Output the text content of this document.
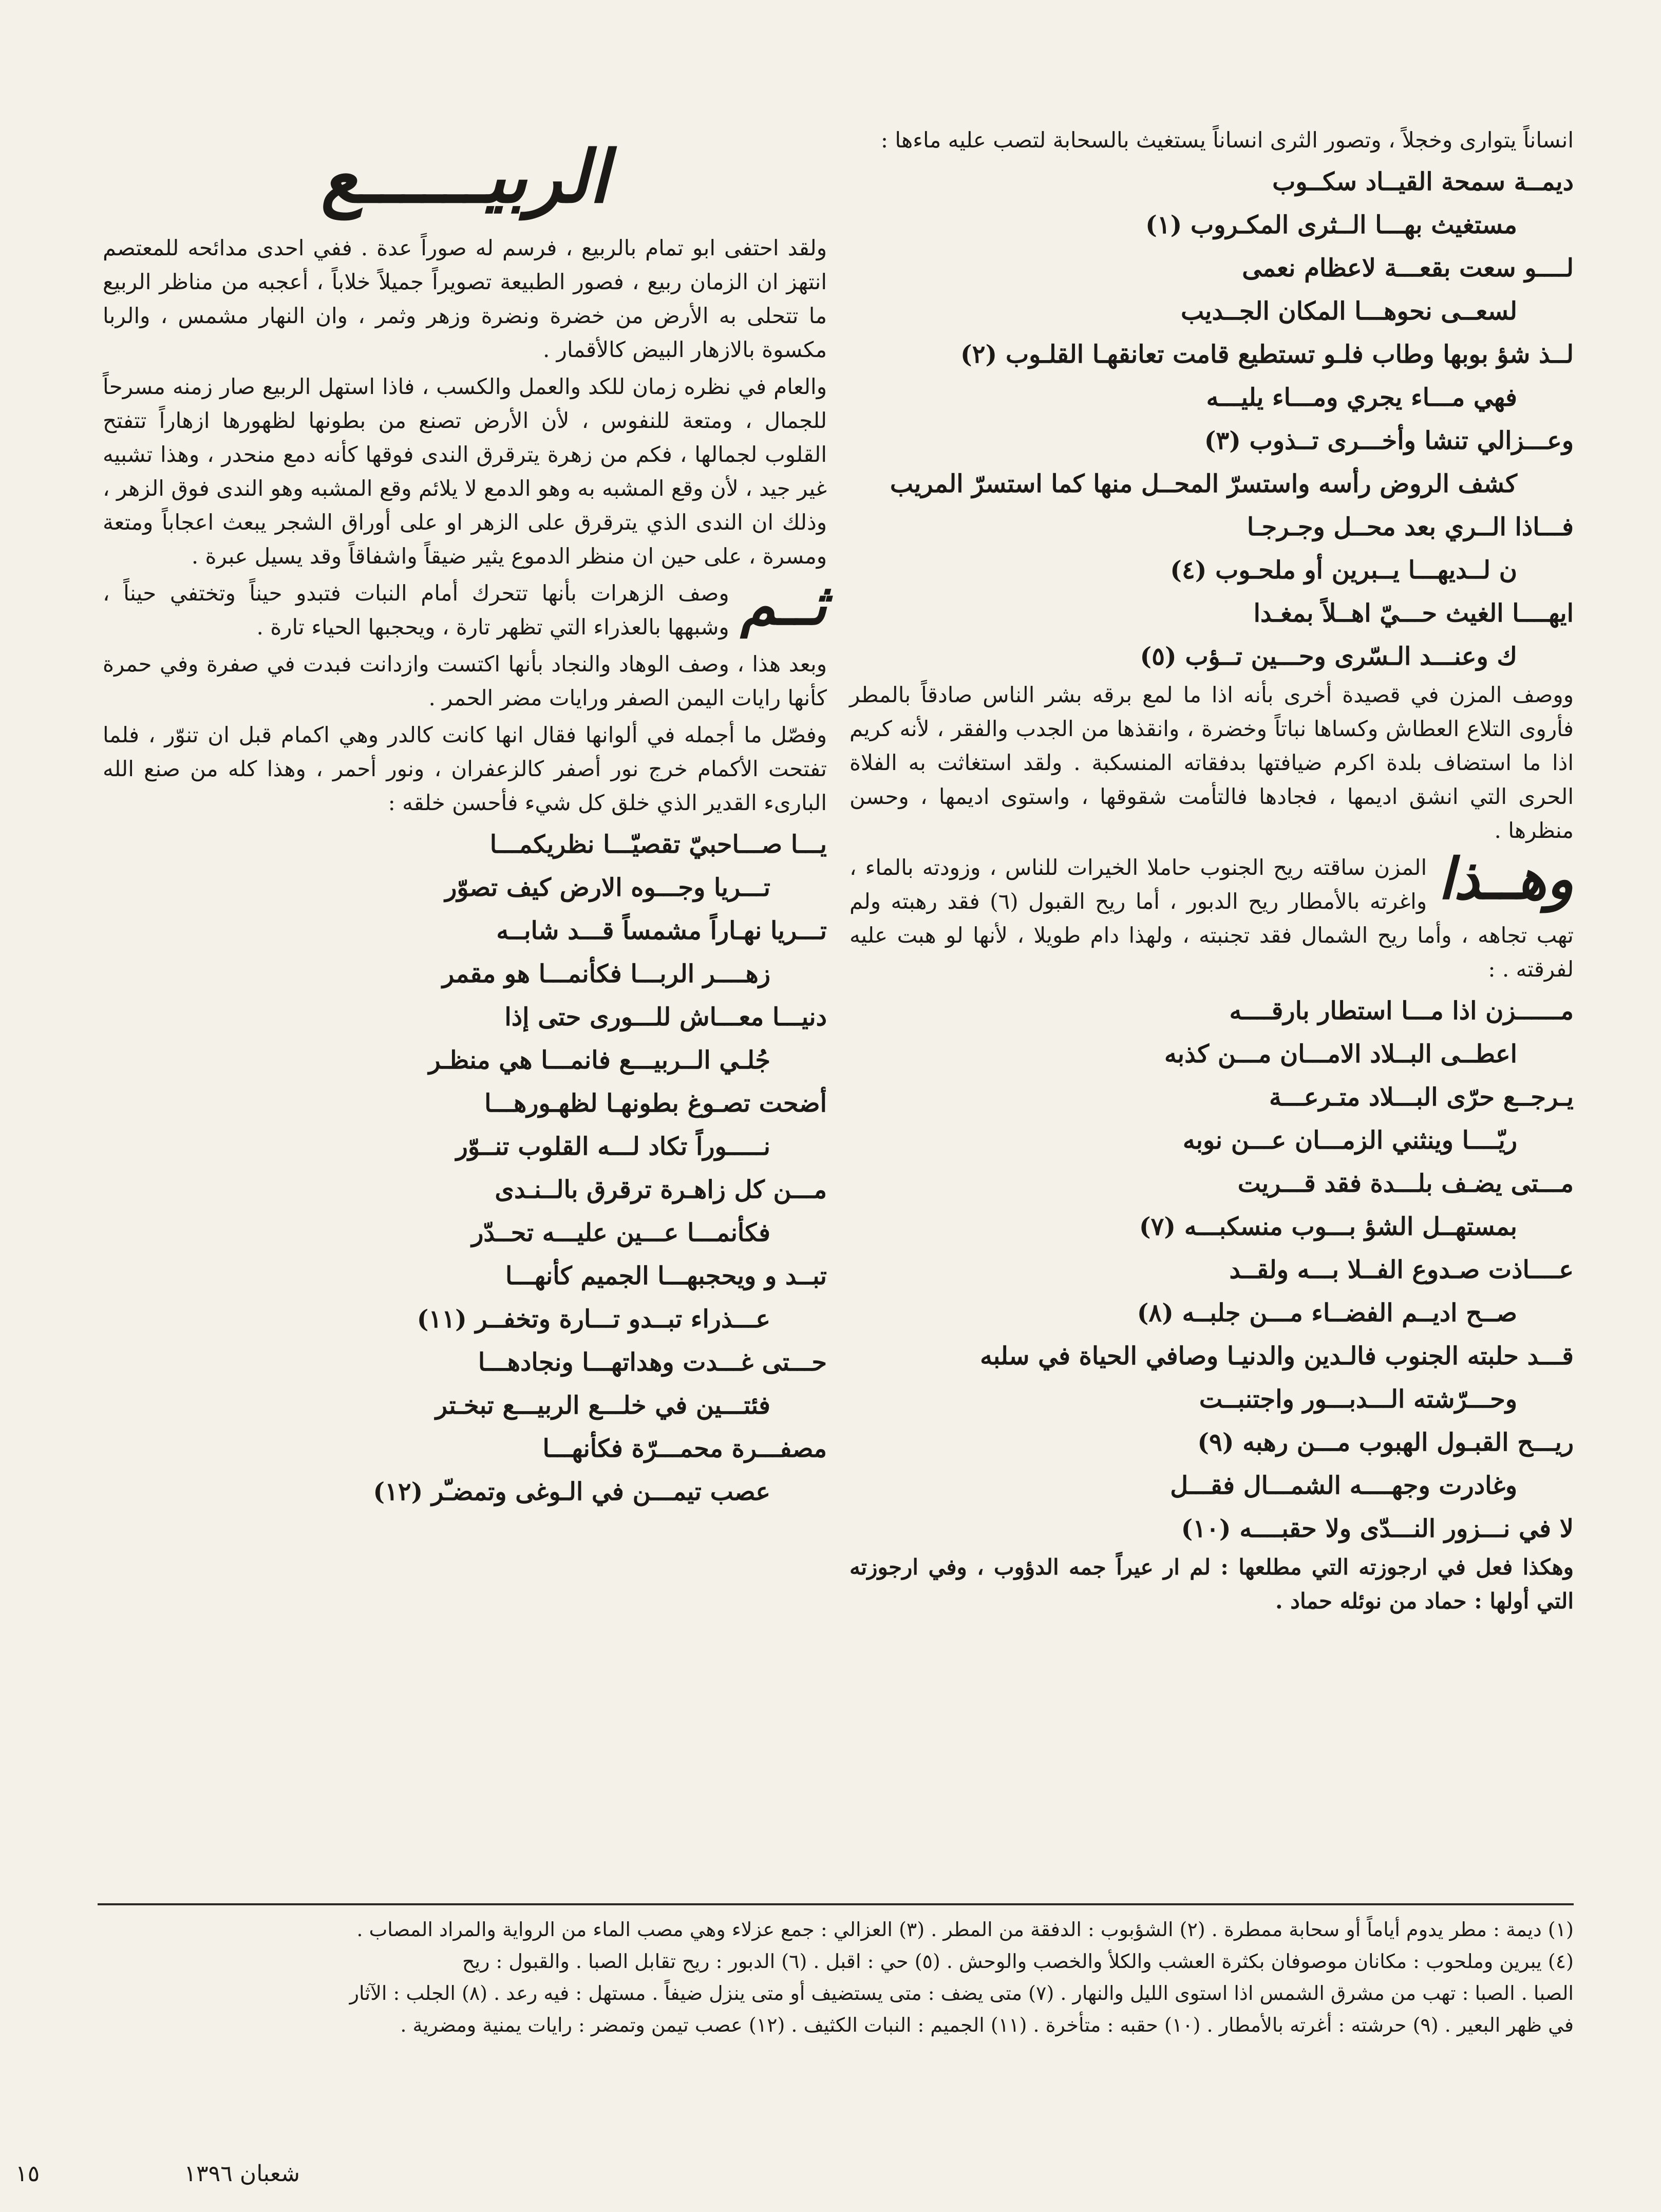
انساناً يتوارى وخجلاً ، وتصور الثرى انساناً يستغيث بالسحابة لتصب عليه ماءها :

ديمــة سمحة القيــاد سكــوب

مستغيث بهـــا الــثرى المكـروب (١)

لــــو سعت بقعـــة لاعظام نعمى

لسعــى نحوهـــا المكان الجــديب

لــذ شؤ بوبها وطاب فلـو تستطيع قامت تعانقهـا القلـوب (٢)

فهي مـــاء يجري ومـــاء يليـــه

وعـــزالي تنشا وأخـــرى تــذوب (٣)

كشف الروض رأسه واستسرّ المحــل منها كما استسرّ المريب

فـــاذا الــري بعد محــل وجـرجـا

ن لــديهـــا يــبرين أو ملحـوب (٤)

ايهــــا الغيث حـــيّ اهــلاً بمغـدا

ك وعنـــد الـسّرى وحـــين تــؤب (٥)

ووصف المزن في قصيدة أخرى بأنه اذا ما لمع برقه بشر الناس صادقاً بالمطر فأروى التلاع العطاش وكساها نباتاً وخضرة ، وانقذها من الجدب والفقر ، لأنه كريم اذا ما استضاف بلدة اكرم ضيافتها بدفقاته المنسكبة . ولقد استغاثت به الفلاة الحرى التي انشق اديمها ، فجادها فالتأمت شقوقها ، واستوى اديمها ، وحسن منظرها .

وهــذا
المزن ساقته ريح الجنوب حاملا الخيرات للناس ، وزودته بالماء ، واغرته بالأمطار ريح الدبور ، أما ريح القبول (٦) فقد رهبته ولم تهب تجاهه ، وأما ريح الشمال فقد تجنبته ، ولهذا دام طويلا ، لأنها لو هبت عليه لفرقته . :

مــــــزن اذا مـــا استطار بارقــــه

اعطــى البــلاد الامـــان مـــن كذبه

يـرجــع حرّى البـــلاد متـرعـــة

ريّــــا وينثني الزمـــان عـــن نوبه

مـــتى يضـف بلـــدة فقد قـــريت

بمستهــل الشؤ بـــوب منسكبـــه (٧)

عــــاذت صـدوع الفــلا بـــه ولقــد

صــح اديــم الفضــاء مـــن جلبــه (٨)

قـــد حلبته الجنوب فالـدين والدنيـا وصافي الحياة في سلبه

وحـــرّشته الـــدبـــور واجتنبــت

ريـــح القبـول الهبوب مـــن رهبه (٩)

وغادرت وجهــــه الشمـــال فقـــل

لا في نـــزور النـــدّى ولا حقبــــه (١٠)

وهكذا فعل في ارجوزته التي مطلعها : لم ار عيراً جمه الدؤوب ، وفي ارجوزته التي أولها : حماد من نوئله حماد .

الربيــــــع

ولقد احتفى ابو تمام بالربيع ، فرسم له صوراً عدة . ففي احدى مدائحه للمعتصم انتهز ان الزمان ربيع ، فصور الطبيعة تصويراً جميلاً خلاباً ، أعجبه من مناظر الربيع ما تتحلى به الأرض من خضرة ونضرة وزهر وثمر ، وان النهار مشمس ، والربا مكسوة بالازهار البيض كالأقمار .

والعام في نظره زمان للكد والعمل والكسب ، فاذا استهل الربيع صار زمنه مسرحاً للجمال ، ومتعة للنفوس ، لأن الأرض تصنع من بطونها لظهورها ازهاراً تتفتح القلوب لجمالها ، فكم من زهرة يترقرق الندى فوقها كأنه دمع منحدر ، وهذا تشبيه غير جيد ، لأن وقع المشبه به وهو الدمع لا يلائم وقع المشبه وهو الندى فوق الزهر ، وذلك ان الندى الذي يترقرق على الزهر او على أوراق الشجر يبعث اعجاباً ومتعة ومسرة ، على حين ان منظر الدموع يثير ضيقاً واشفاقاً وقد يسيل عبرة .

ثــم
وصف الزهرات بأنها تتحرك أمام النبات فتبدو حيناً وتختفي حيناً ، وشبهها بالعذراء التي تظهر تارة ، ويحجبها الحياء تارة .

وبعد هذا ، وصف الوهاد والنجاد بأنها اكتست وازدانت فبدت في صفرة وفي حمرة كأنها رايات اليمن الصفر ورايات مضر الحمر .

وفصّل ما أجمله في ألوانها فقال انها كانت كالدر وهي اكمام قبل ان تنوّر ، فلما تفتحت الأكمام خرج نور أصفر كالزعفران ، ونور أحمر ، وهذا كله من صنع الله البارىء القدير الذي خلق كل شيء فأحسن خلقه :

يـــا صـــاحبيّ تقصيّـــا نظريكمـــا

تـــريا وجـــوه الارض كيف تصوّر

تـــريا نهـاراً مشمساً قـــد شابــه

زهــــر الربـــا فكأنمـــا هو مقمر

دنيـــا معـــاش للـــورى حتى إذا

جُلـي الــربيـــع فانمـــا هي منظـر

أضحت تصـوغ بطونهـا لظهـورهـــا

نـــــوراً تكاد لـــه القلوب تنــوّر

مـــن كل زاهـرة ترقرق بالــنـدى

فكأنمـــا عـــين عليـــه تحــدّر

تبــد و ويحجبهـــا الجميم كأنهـــا

عـــذراء تبــدو تـــارة وتخفــر (١١)

حـــتى غـــدت وهداتهـــا ونجادهـــا

فئتـــين في خلـــع الربيـــع تبخـتر

مصفـــرة محمـــرّة فكأنهـــا

عصب تيمـــن في الـوغى وتمضـّر (١٢)

(١) ديمة : مطر يدوم أياماً أو سحابة ممطرة . (٢) الشؤبوب : الدفقة من المطر . (٣) العزالي : جمع عزلاء وهي مصب الماء من الرواية والمراد المصاب .

(٤) يبرين وملحوب : مكانان موصوفان بكثرة العشب والكلأ والخصب والوحش . (٥) حي : اقبل . (٦) الدبور : ريح تقابل الصبا . والقبول : ريح

الصبا . الصبا : تهب من مشرق الشمس اذا استوى الليل والنهار . (٧) متى يضف : متى يستضيف أو متى ينزل ضيفاً . مستهل : فيه رعد . (٨) الجلب : الآثار

في ظهر البعير . (٩) حرشته : أغرته بالأمطار . (١٠) حقبه : متأخرة . (١١) الجميم : النبات الكثيف . (١٢) عصب تيمن وتمضر : رايات يمنية ومضرية .

شعبان ١٣٩٦
١٥
